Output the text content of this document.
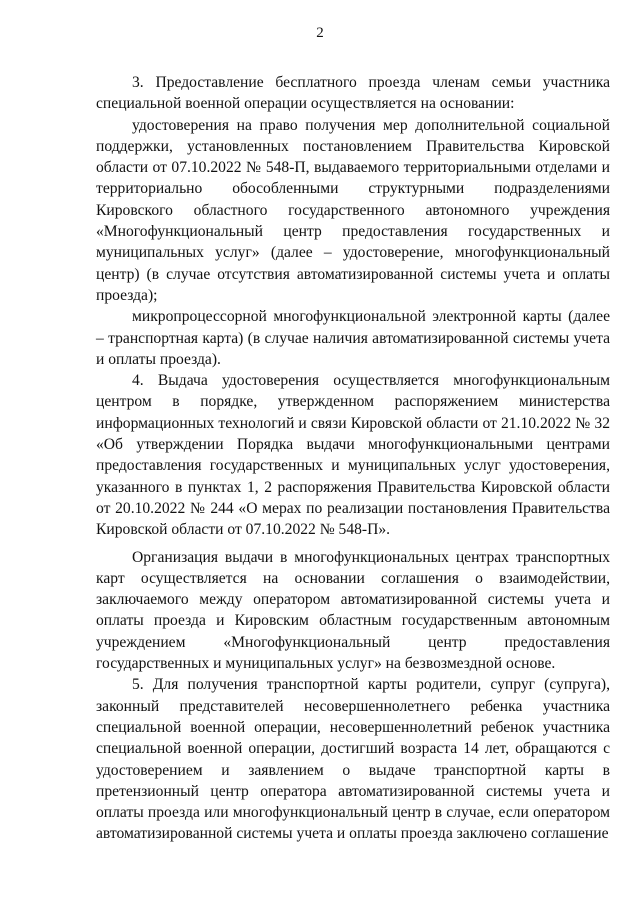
2

3. Предоставление бесплатного проезда членам семьи участника специальной военной операции осуществляется на основании:

удостоверения на право получения мер дополнительной социальной поддержки, установленных постановлением Правительства Кировской области от 07.10.2022 № 548-П, выдаваемого территориальными отделами и территориально обособленными структурными подразделениями Кировского областного государственного автономного учреждения «Многофункциональный центр предоставления государственных и муниципальных услуг» (далее – удостоверение, многофункциональный центр) (в случае отсутствия автоматизированной системы учета и оплаты проезда);

микропроцессорной многофункциональной электронной карты (далее – транспортная карта) (в случае наличия автоматизированной системы учета и оплаты проезда).

4. Выдача удостоверения осуществляется многофункциональным центром в порядке, утвержденном распоряжением министерства информационных технологий и связи Кировской области от 21.10.2022 № 32 «Об утверждении Порядка выдачи многофункциональными центрами предоставления государственных и муниципальных услуг удостоверения, указанного в пунктах 1, 2 распоряжения Правительства Кировской области от 20.10.2022 № 244 «О мерах по реализации постановления Правительства Кировской области от 07.10.2022 № 548-П».

Организация выдачи в многофункциональных центрах транспортных карт осуществляется на основании соглашения о взаимодействии, заключаемого между оператором автоматизированной системы учета и оплаты проезда и Кировским областным государственным автономным учреждением «Многофункциональный центр предоставления государственных и муниципальных услуг» на безвозмездной основе.

5. Для получения транспортной карты родители, супруг (супруга), законный представителей несовершеннолетнего ребенка участника специальной военной операции, несовершеннолетний ребенок участника специальной военной операции, достигший возраста 14 лет, обращаются с удостоверением и заявлением о выдаче транспортной карты в претензионный центр оператора автоматизированной системы учета и оплаты проезда или многофункциональный центр в случае, если оператором автоматизированной системы учета и оплаты проезда заключено соглашение
